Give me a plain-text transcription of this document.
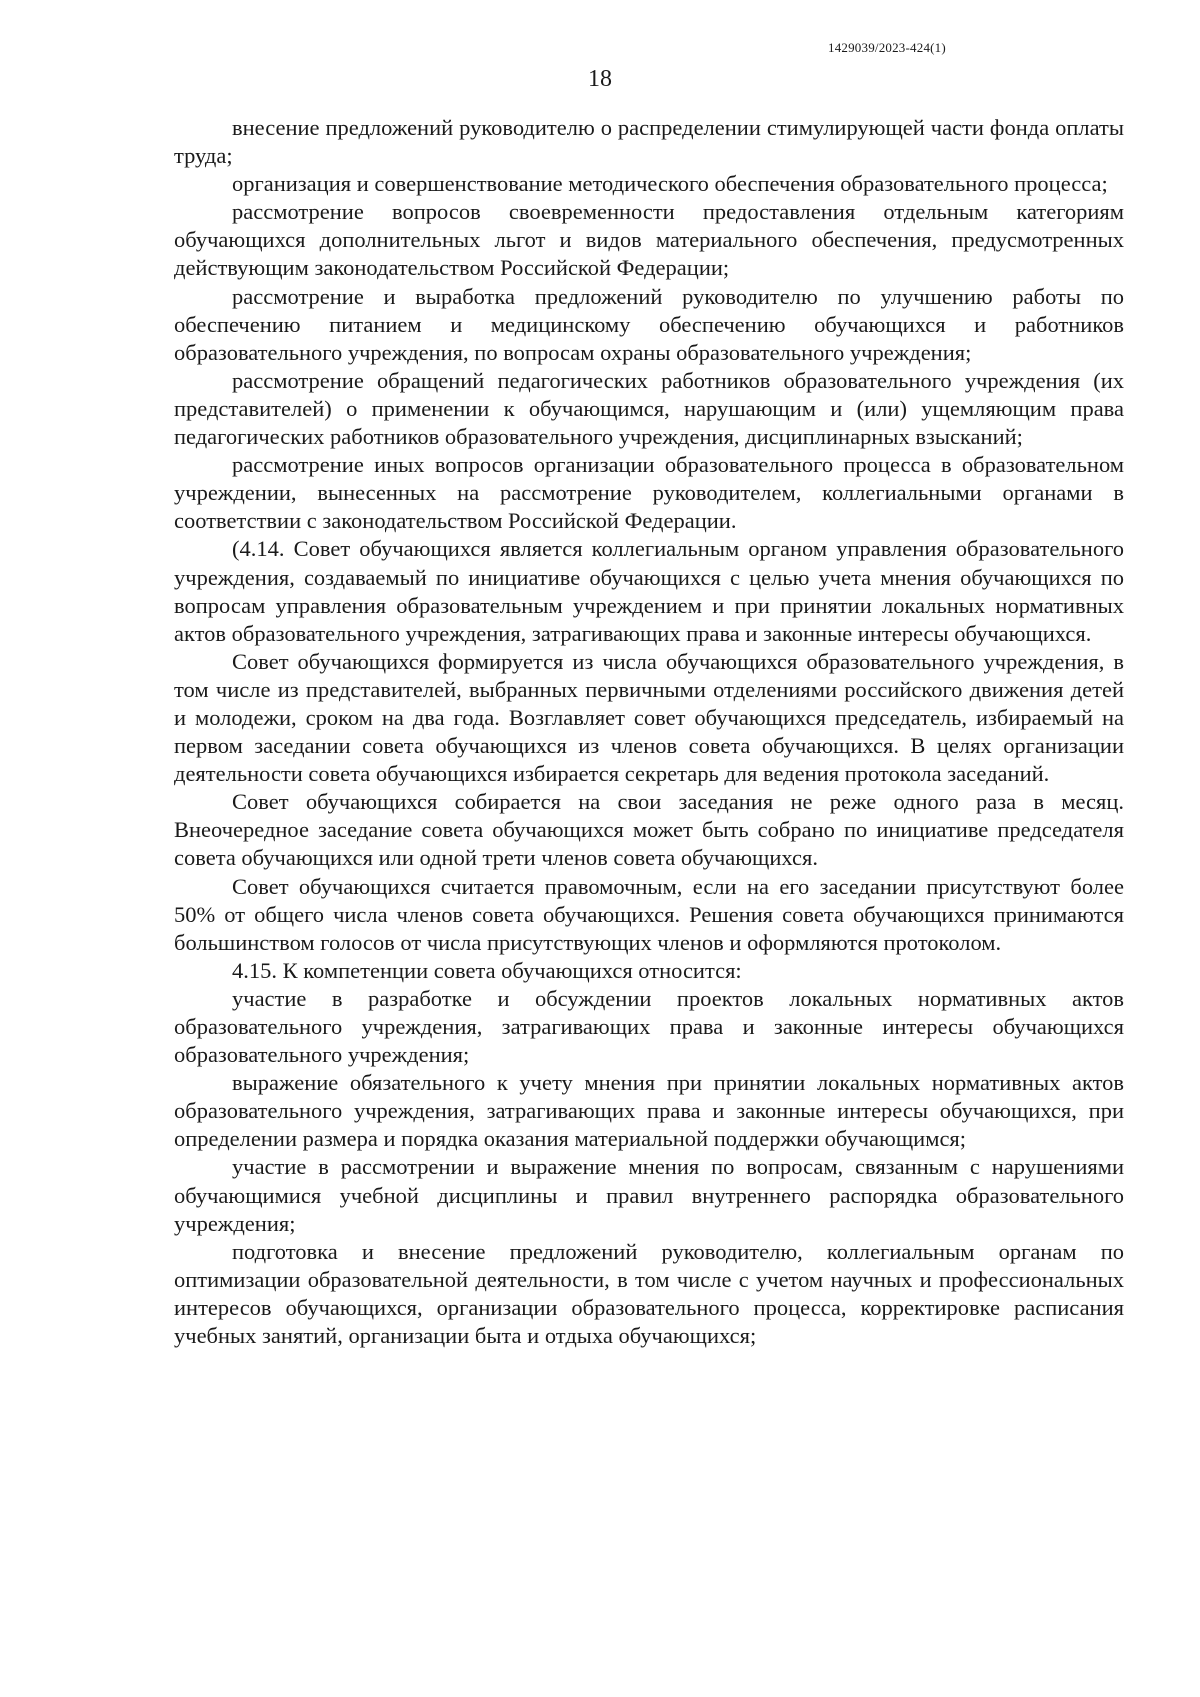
1429039/2023-424(1)
18

внесение предложений руководителю о распределении стимулирующей части фонда оплаты труда;

организация и совершенствование методического обеспечения образовательного процесса;

рассмотрение вопросов своевременности предоставления отдельным категориям обучающихся дополнительных льгот и видов материального обеспечения, предусмотренных действующим законодательством Российской Федерации;

рассмотрение и выработка предложений руководителю по улучшению работы по обеспечению питанием и медицинскому обеспечению обучающихся и работников образовательного учреждения, по вопросам охраны образовательного учреждения;

рассмотрение обращений педагогических работников образовательного учреждения (их представителей) о применении к обучающимся, нарушающим и (или) ущемляющим права педагогических работников образовательного учреждения, дисциплинарных взысканий;

рассмотрение иных вопросов организации образовательного процесса в образовательном учреждении, вынесенных на рассмотрение руководителем, коллегиальными органами в соответствии с законодательством Российской Федерации.

(4.14. Совет обучающихся является коллегиальным органом управления образовательного учреждения, создаваемый по инициативе обучающихся с целью учета мнения обучающихся по вопросам управления образовательным учреждением и при принятии локальных нормативных актов образовательного учреждения, затрагивающих права и законные интересы обучающихся.

Совет обучающихся формируется из числа обучающихся образовательного учреждения, в том числе из представителей, выбранных первичными отделениями российского движения детей и молодежи, сроком на два года. Возглавляет совет обучающихся председатель, избираемый на первом заседании совета обучающихся из членов совета обучающихся. В целях организации деятельности совета обучающихся избирается секретарь для ведения протокола заседаний.

Совет обучающихся собирается на свои заседания не реже одного раза в месяц. Внеочередное заседание совета обучающихся может быть собрано по инициативе председателя совета обучающихся или одной трети членов совета обучающихся.

Совет обучающихся считается правомочным, если на его заседании присутствуют более 50% от общего числа членов совета обучающихся. Решения совета обучающихся принимаются большинством голосов от числа присутствующих членов и оформляются протоколом.

4.15. К компетенции совета обучающихся относится:

участие в разработке и обсуждении проектов локальных нормативных актов образовательного учреждения, затрагивающих права и законные интересы обучающихся образовательного учреждения;

выражение обязательного к учету мнения при принятии локальных нормативных актов образовательного учреждения, затрагивающих права и законные интересы обучающихся, при определении размера и порядка оказания материальной поддержки обучающимся;

участие в рассмотрении и выражение мнения по вопросам, связанным с нарушениями обучающимися учебной дисциплины и правил внутреннего распорядка образовательного учреждения;

подготовка и внесение предложений руководителю, коллегиальным органам по оптимизации образовательной деятельности, в том числе с учетом научных и профессиональных интересов обучающихся, организации образовательного процесса, корректировке расписания учебных занятий, организации быта и отдыха обучающихся;
